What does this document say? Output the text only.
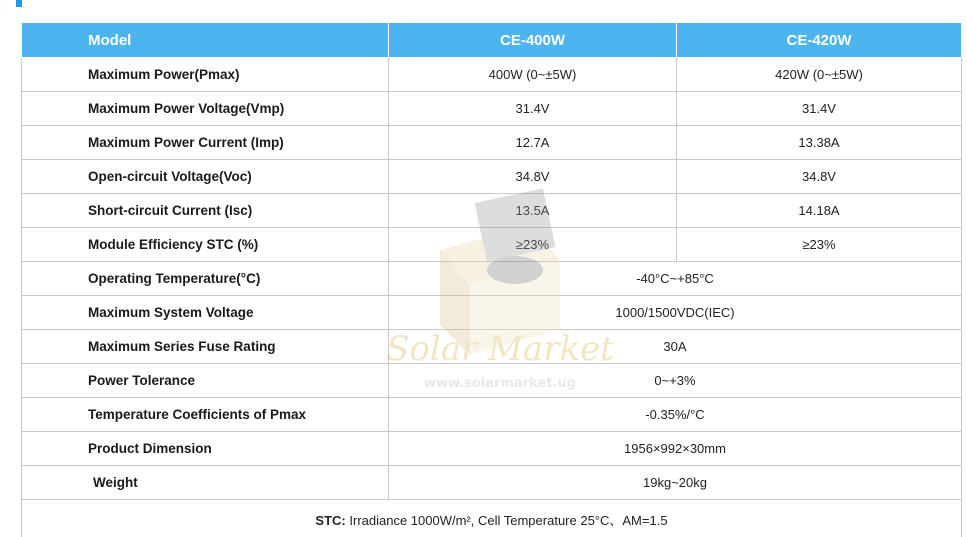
Model	CE-400W	CE-420W
Maximum Power(Pmax)	400W (0~±5W)	420W (0~±5W)
Maximum Power Voltage(Vmp)	31.4V	31.4V
Maximum Power Current (Imp)	12.7A	13.38A
Open-circuit Voltage(Voc)	34.8V	34.8V
Short-circuit Current (Isc)	13.5A	14.18A
Module Efficiency STC (%)	≥23%	≥23%
Operating Temperature(°C)	-40°C~+85°C	
Maximum System Voltage	1000/1500VDC(IEC)	
Maximum Series Fuse Rating	30A	
Power Tolerance	0~+3%	
Temperature Coefficients of Pmax	-0.35%/°C	
Product Dimension	1956×992×30mm	
Weight	19kg~20kg	
STC: Irradiance 1000W/m², Cell Temperature 25°C、AM=1.5		
Solar Market
www.solarmarket.ug
